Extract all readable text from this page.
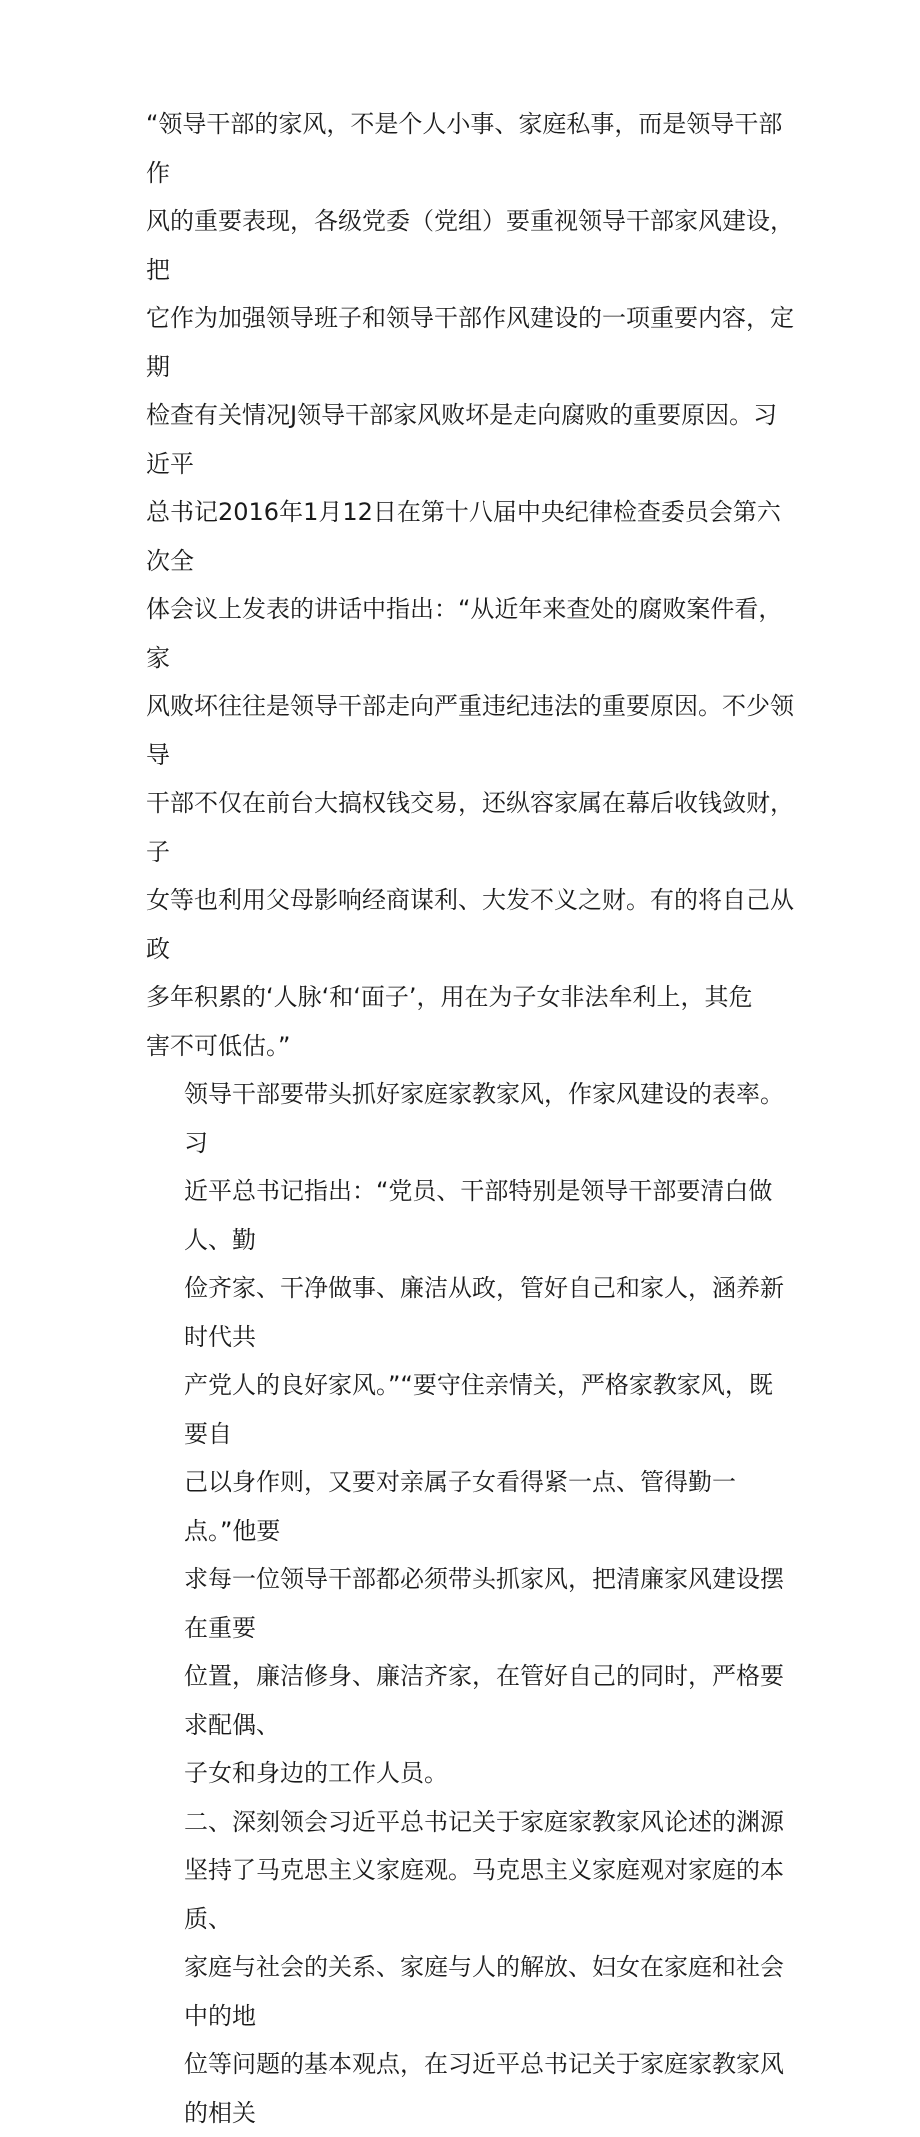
“领导干部的家风，不是个人小事、家庭私事，而是领导干部作
风的重要表现，各级党委（党组）要重视领导干部家风建设，把
它作为加强领导班子和领导干部作风建设的一项重要内容，定期
检查有关情况J领导干部家风败坏是走向腐败的重要原因。习近平
总书记2016年1月12日在第十八届中央纪律检查委员会第六次全
体会议上发表的讲话中指出：“从近年来查处的腐败案件看，家
风败坏往往是领导干部走向严重违纪违法的重要原因。不少领导
干部不仅在前台大搞权钱交易，还纵容家属在幕后收钱敛财，子
女等也利用父母影响经商谋利、大发不义之财。有的将自己从政
多年积累的‘人脉‘和‘面子’，用在为子女非法牟利上，其危
害不可低估。”

领导干部要带头抓好家庭家教家风，作家风建设的表率。习
近平总书记指出：“党员、干部特别是领导干部要清白做人、勤
俭齐家、干净做事、廉洁从政，管好自己和家人，涵养新时代共
产党人的良好家风。”“要守住亲情关，严格家教家风，既要自
己以身作则，又要对亲属子女看得紧一点、管得勤一点。”他要
求每一位领导干部都必须带头抓家风，把清廉家风建设摆在重要
位置，廉洁修身、廉洁齐家，在管好自己的同时，严格要求配偶、
子女和身边的工作人员。

二、深刻领会习近平总书记关于家庭家教家风论述的渊源

坚持了马克思主义家庭观。马克思主义家庭观对家庭的本质、
家庭与社会的关系、家庭与人的解放、妇女在家庭和社会中的地
位等问题的基本观点，在习近平总书记关于家庭家教家风的相关
